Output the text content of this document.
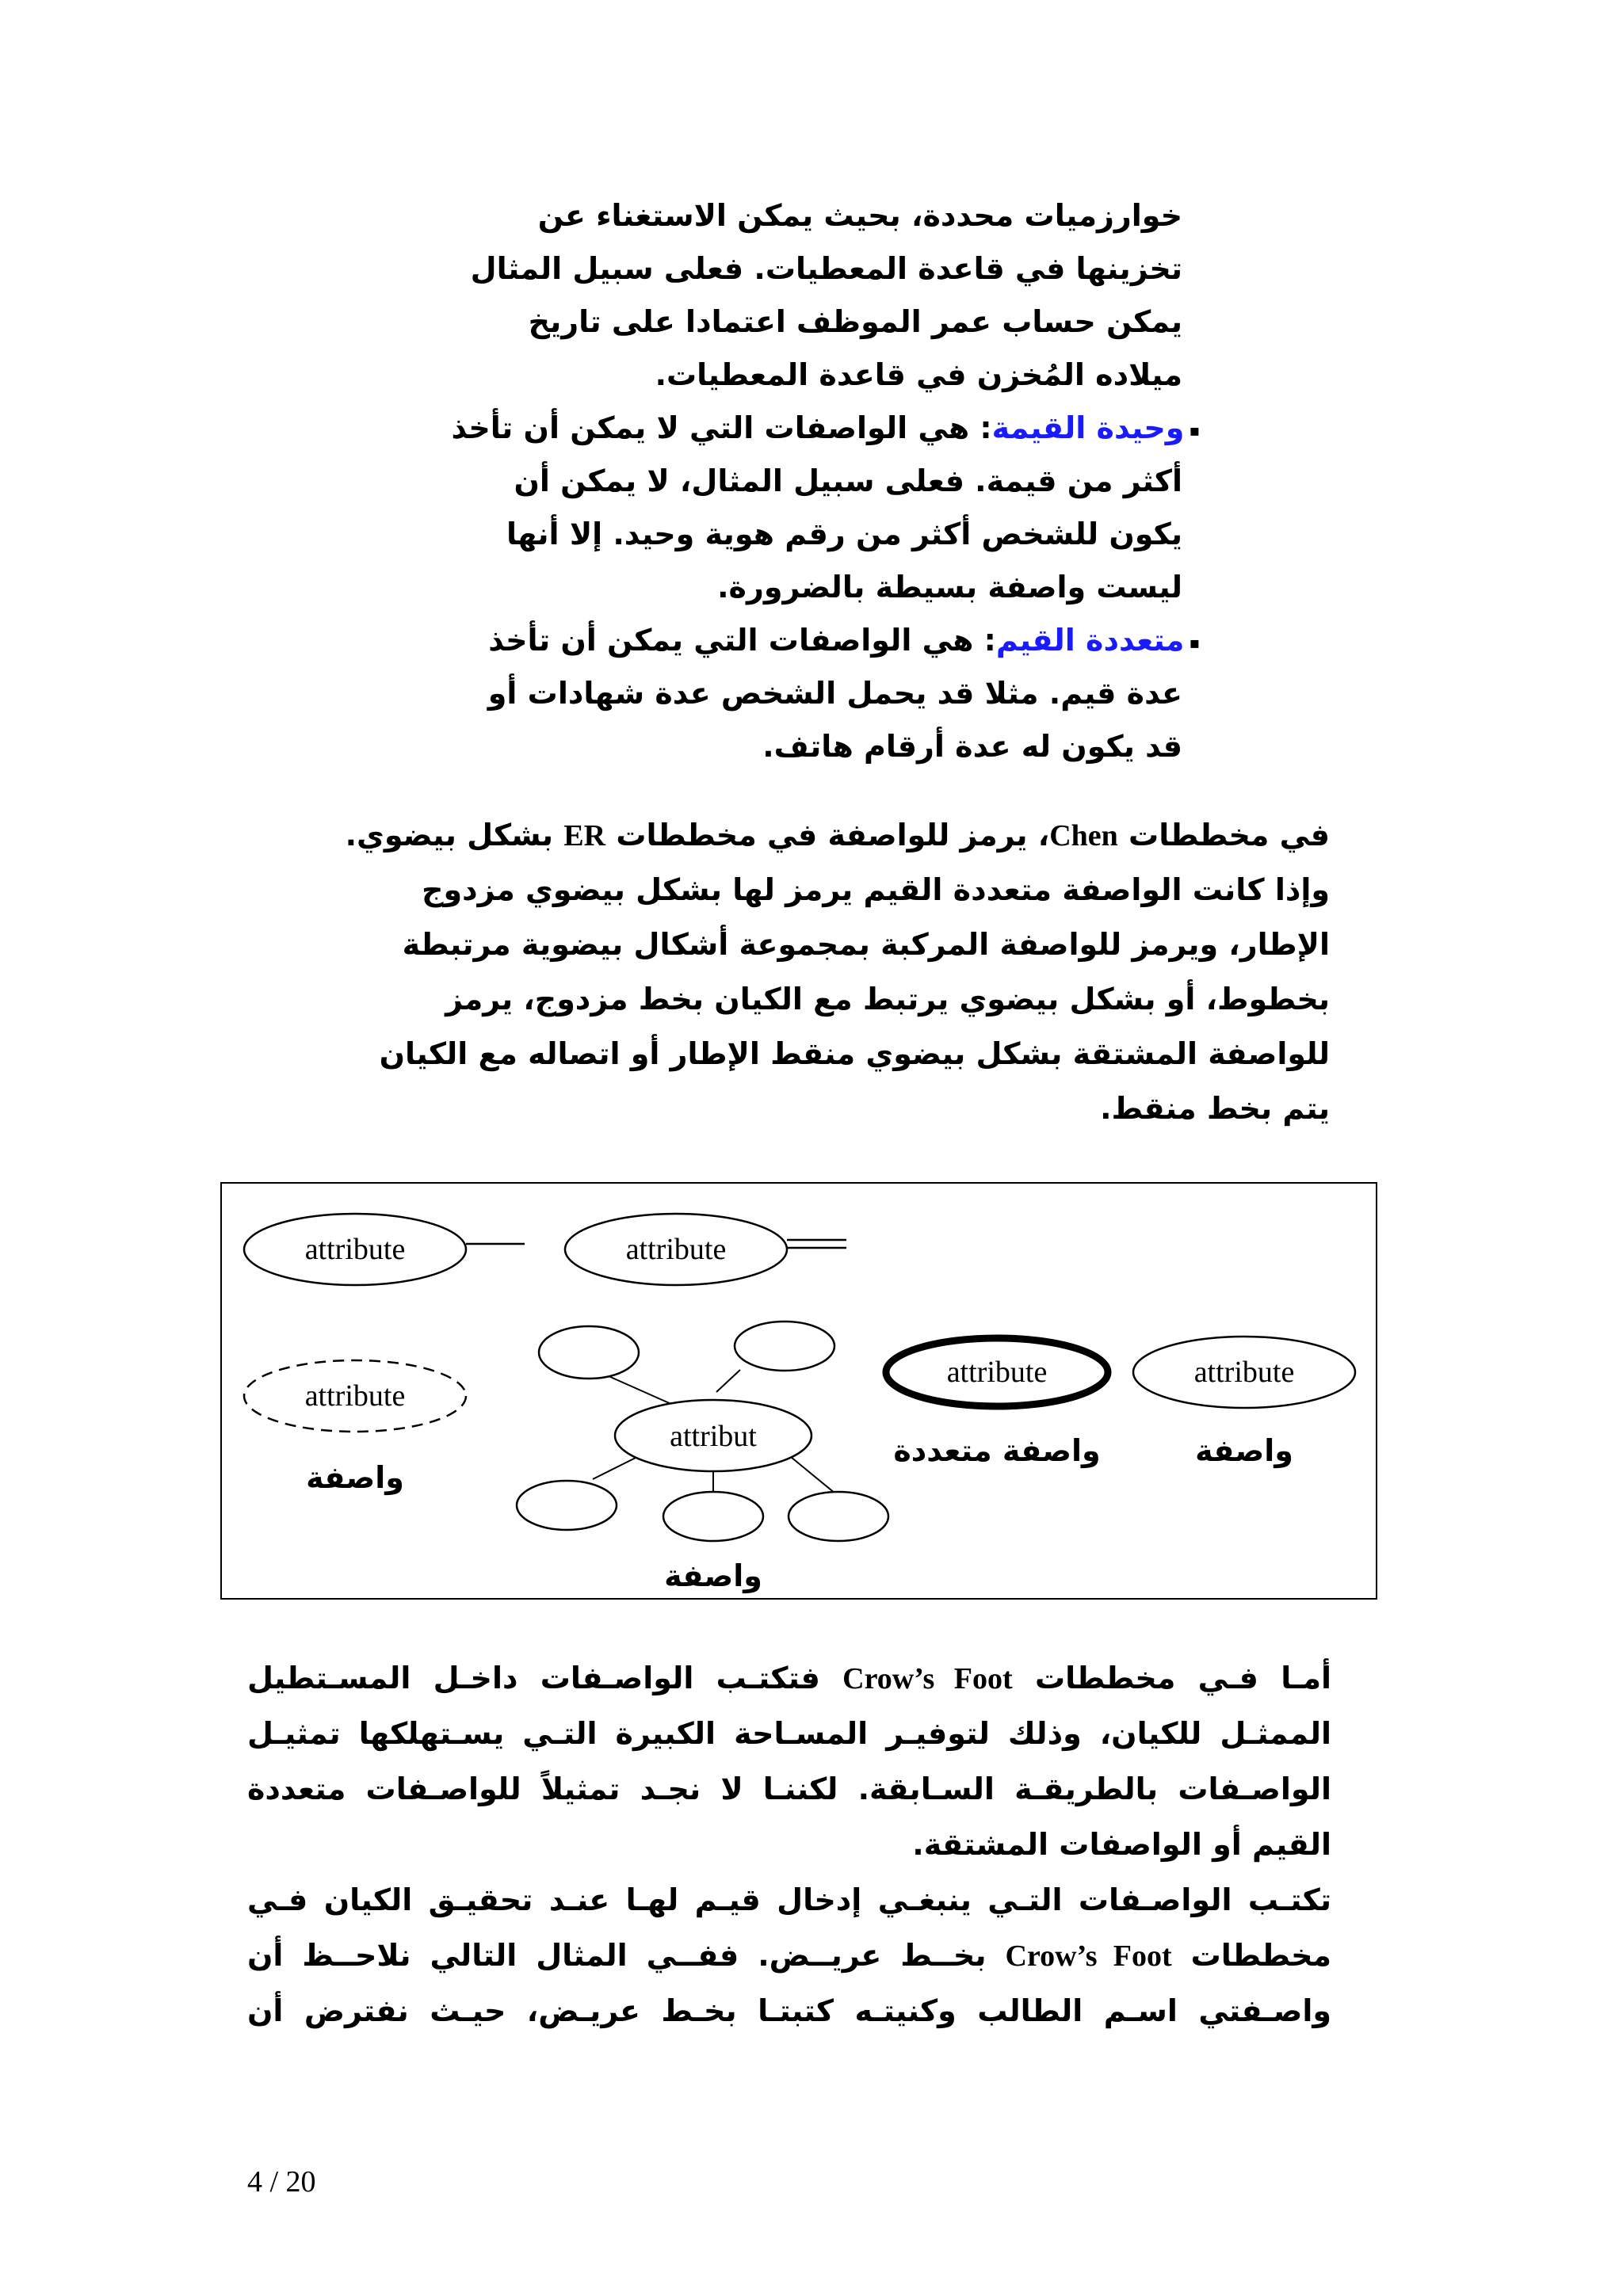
خوارزميات محددة، بحيث يمكن الاستغناء عن
تخزينها في قاعدة المعطيات. فعلى سبيل المثال
يمكن حساب عمر الموظف اعتمادا على تاريخ
ميلاده المُخزن في قاعدة المعطيات.
▪وحيدة القيمة: هي الواصفات التي لا يمكن أن تأخذ
أكثر من قيمة. فعلى سبيل المثال، لا يمكن أن
يكون للشخص أكثر من رقم هوية وحيد. إلا أنها
ليست واصفة بسيطة بالضرورة.
▪متعددة القيم: هي الواصفات التي يمكن أن تأخذ
عدة قيم. مثلا قد يحمل الشخص عدة شهادات أو
قد يكون له عدة أرقام هاتف.
في مخططات Chen، يرمز للواصفة في مخططات ER بشكل بيضوي.
وإذا كانت الواصفة متعددة القيم يرمز لها بشكل بيضوي مزدوج
الإطار، ويرمز للواصفة المركبة بمجموعة أشكال بيضوية مرتبطة
بخطوط، أو بشكل بيضوي يرتبط مع الكيان بخط مزدوج، يرمز
للواصفة المشتقة بشكل بيضوي منقط الإطار أو اتصاله مع الكيان
يتم بخط منقط.
attribute	attribute
attribute
واصفة
attribut
واصفة
attribute
واصفة متعددة
attribute
واصفة
أمـا فـي مخططات Crow’s Foot فتكتـب الواصـفات داخـل المسـتطيل
الممثـل للكيان، وذلك لتوفيـر المسـاحة الكبيرة التـي يسـتهلكها تمثيـل
الواصـفات بالطريقـة السـابقة. لكننـا لا نجـد تمثيلاً للواصـفات متعددة
القيم أو الواصفات المشتقة.
تكتـب الواصـفات التـي ينبغـي إدخال قيـم لهـا عنـد تحقيـق الكيان فـي
مخططات Crow’s Foot بخــط عريــض. ففــي المثال التالي نلاحــظ أن
واصـفتي اسـم الطالب وكنيتـه كتبتـا بخـط عريـض، حيـث نفترض أن
4 / 20
